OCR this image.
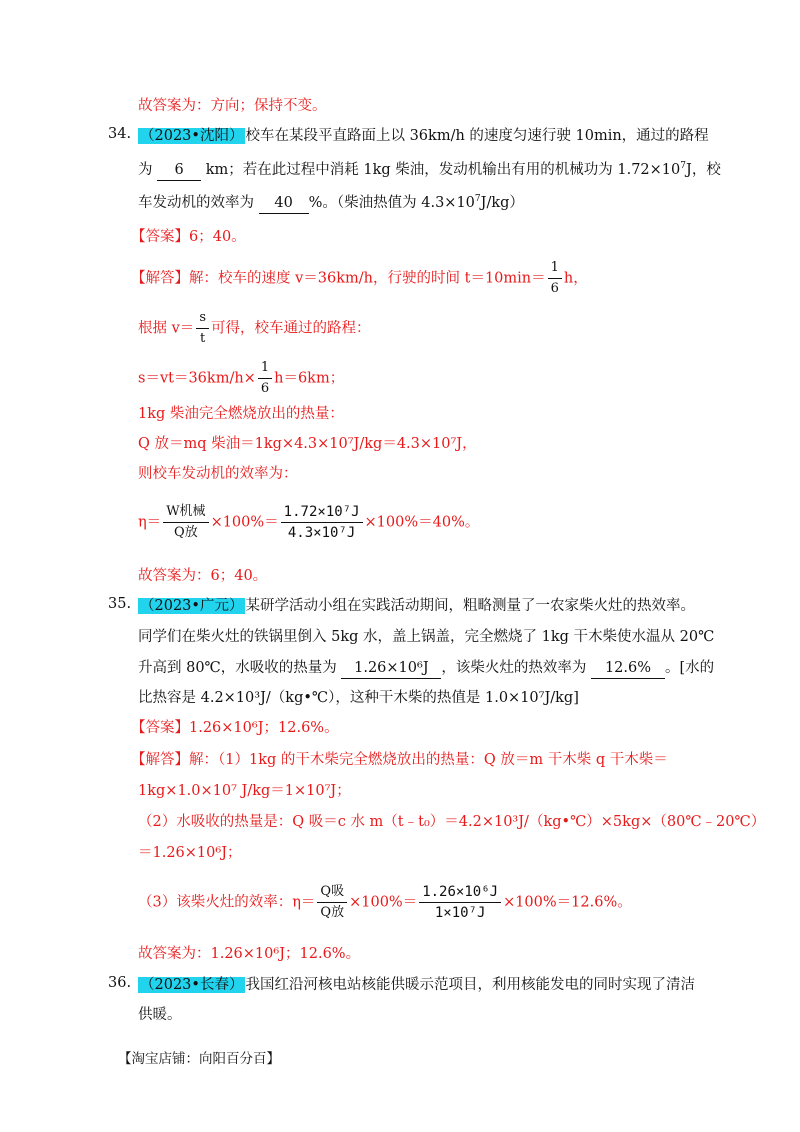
故答案为：方向；保持不变。
34. （2023•沈阳） 校车在某段平直路面上以 36km/h 的速度匀速行驶 10min，通过的路程
为 6 km；若在此过程中消耗 1kg 柴油，发动机输出有用的机械功为 $1.72\times 10^7J$，校
车发动机的效率为 40 %。（柴油热值为 $4.3\times 10^7J/kg$）
【答案】6；40。
【解答】解：校车的速度 v＝36km/h，行驶的时间 $t=10\min= \frac{1}{6}$ h，
根据 $v= \frac{s}{t}$ 可得，校车通过的路程：
$s=vt=36km/h\times \frac{1}{6} h=6km$；
1kg 柴油完全燃烧放出的热量：
Q 放＝mq 柴油＝1kg×4.3×10⁷J/kg＝4.3×10⁷J，
则校车发动机的效率为：
$\eta= \frac{\text{W机械}}{\text{Q放}} \times 100\%= \frac{\text{1.72×10⁷J}}{\text{4.3×10⁷J}} \times 100\%=40\%$。
故答案为：6；40。
35. （2023•广元） 某研学活动小组在实践活动期间，粗略测量了一农家柴火灶的热效率。
同学们在柴火灶的铁锅里倒入 5kg 水，盖上锅盖，完全燃烧了 1kg 干木柴使水温从 20℃
升高到 80℃，水吸收的热量为 1.26×10⁶J ，该柴火灶的热效率为 12.6% 。[水的
比热容是 4.2×10³J/（kg•℃），这种干木柴的热值是 1.0×10⁷J/kg]
【答案】1.26×10⁶J；12.6%。
【解答】解：（1）1kg 的干木柴完全燃烧放出的热量：Q 放＝m 干木柴 q 干木柴＝
1kg×1.0×10⁷ J/kg＝1×10⁷J；
（2）水吸收的热量是：Q 吸＝c 水 m（t﹣t₀）＝4.2×10³J/（kg•℃）×5kg×（80℃﹣20℃）
＝1.26×10⁶J；
（3）该柴火灶的效率：$\eta= \frac{\text{Q吸}}{\text{Q放}} \times 100\%= \frac{\text{1.26×10⁶J}}{\text{1×10⁷J}} \times 100\%=12.6\%$。
故答案为：1.26×10⁶J；12.6%。
36. （2023•长春） 我国红沿河核电站核能供暖示范项目，利用核能发电的同时实现了清洁
供暖。
【淘宝店铺：向阳百分百】
